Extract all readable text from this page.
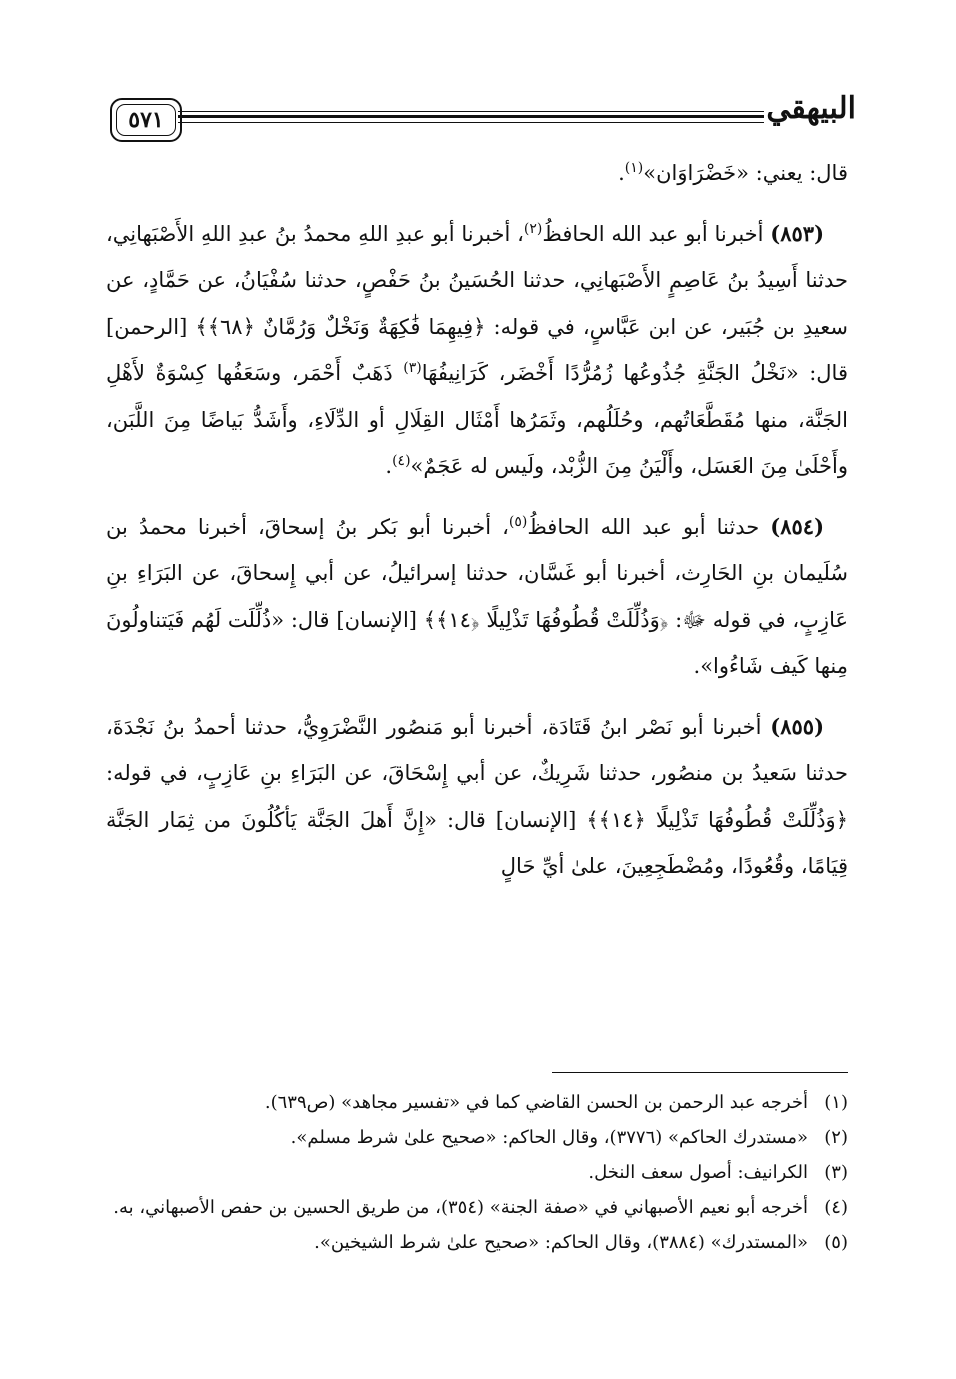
٥٧١	البيهقي

قال: يعني: «خَضْرَاوَان»$^{(١)}$.

(٨٥٣) أخبرنا أبو عبد الله الحافظُ$^{(٢)}$، أخبرنا أبو عبدِ اللهِ محمدُ بنُ عبدِ اللهِ الأَصْبَهانِي، حدثنا أَسِيدُ بنُ عَاصِمٍ الأَصْبَهانِي، حدثنا الحُسَينُ بنُ حَفْصٍ، حدثنا سُفْيَانُ، عن حَمَّادٍ، عن سعيدِ بن جُبَير، عن ابن عَبَّاسٍ، في قوله: ﴿فِيهِمَا فَٰكِهَةٌ وَنَخْلٌ وَرُمَّانٌ ﴿٦٨﴾﴾ [الرحمن] قال: «نَخْلُ الجَنَّةِ جُذُوعُها زُمُرُّدًا أَخْضَر، كَرَانِيفُهَا$^{(٣)}$ ذَهَبٌ أَحْمَر، وسَعَفُها كِسْوَةٌ لأَهْلِ الجَنَّة، منها مُقَطَّعَاتُهم، وحُلَلُهم، وثَمَرُها أَمْثَال القِلَالِ أو الدِّلَاءِ، وأَشَدُّ بَياضًا مِنَ اللَّبَن، وأَحْلَىٰ مِنَ العَسَل، وأَلْيَنُ مِنَ الزُّبْد، ولَيس له عَجَمٌ»$^{(٤)}$.

(٨٥٤) حدثنا أبو عبد الله الحافظُ$^{(٥)}$، أخبرنا أبو بَكر بنُ إسحاقَ، أخبرنا محمدُ بن سُلَيمان بنِ الحَارِث، أخبرنا أبو غَسَّان، حدثنا إسرائيلُ، عن أبي إِسحاقَ، عن البَرَاءِ بنِ عَازِبٍ، في قوله ﷻ: ﴿وَذُلِّلَتْ قُطُوفُهَا تَذْلِيلًا ﴿١٤﴾﴾ [الإنسان] قال: «ذُلِّلَت لَهُم فَيَتناولُونَ مِنها كَيف شَاءُوا».

(٨٥٥) أخبرنا أبو نَصْر ابنُ قَتَادَة، أخبرنا أبو مَنصُور النَّضْرَوِيُّ، حدثنا أحمدُ بنُ نَجْدَةَ، حدثنا سَعيدُ بن منصُور، حدثنا شَرِيكٌ، عن أبي إِسْحَاقَ، عن البَرَاءِ بنِ عَازِبٍ، في قوله: ﴿وَذُلِّلَتْ قُطُوفُهَا تَذْلِيلًا ﴿١٤﴾﴾ [الإنسان] قال: «إِنَّ أَهلَ الجَنَّة يَأكُلُونَ من ثِمَار الجَنَّة قِيَامًا، وقُعُودًا، ومُضْطَجِعِينَ، علىٰ أيِّ حَالٍ

(١)أخرجه عبد الرحمن بن الحسن القاضي كما في «تفسير مجاهد» (ص٦٣٩).

(٢)«مستدرك الحاكم» (٣٧٧٦)، وقال الحاكم: «صحيح علىٰ شرط مسلم».

(٣)الكرانيف: أصول سعف النخل.

(٤)أخرجه أبو نعيم الأصبهاني في «صفة الجنة» (٣٥٤)، من طريق الحسين بن حفص الأصبهاني، به.

(٥)«المستدرك» (٣٨٨٤)، وقال الحاكم: «صحيح علىٰ شرط الشيخين».
